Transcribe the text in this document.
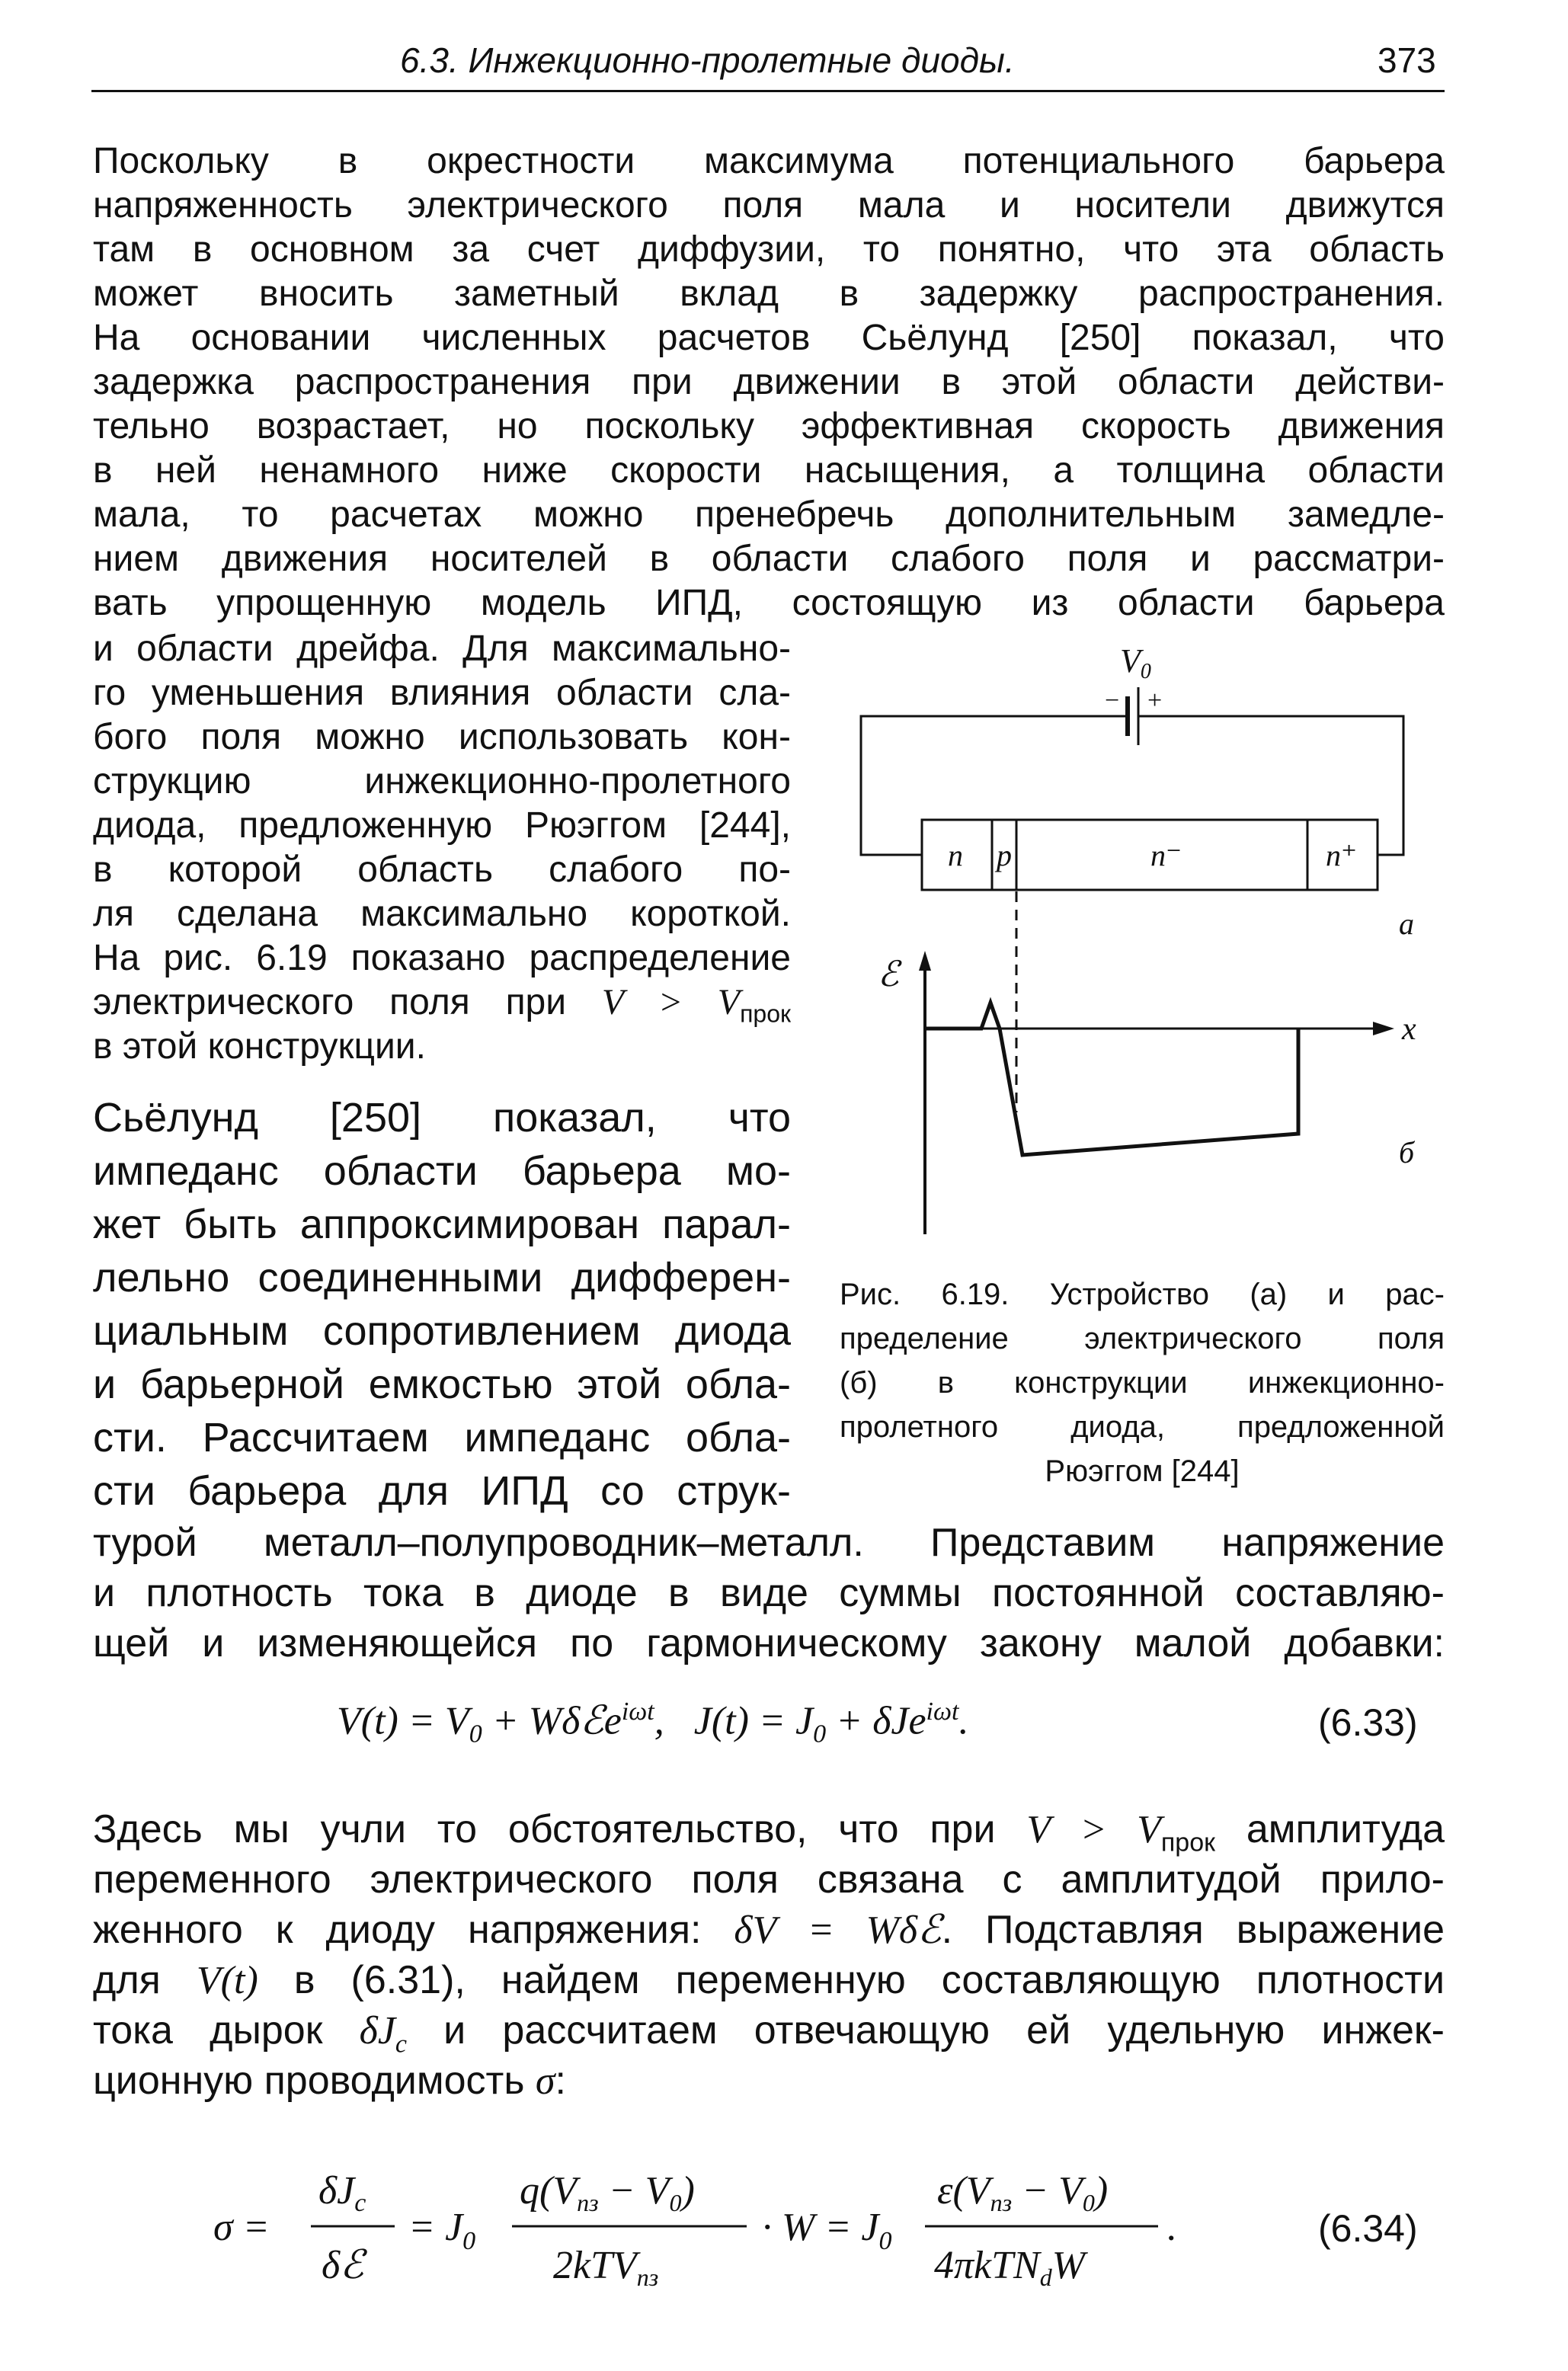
6.3. Инжекционно-пролетные диоды.	373
Поскольку в окрестности максимума потенциального барьера
напряженность электрического поля мала и носители движутся
там в основном за счет диффузии, то понятно, что эта область
может вносить заметный вклад в задержку распространения.
На основании численных расчетов Сьёлунд [250] показал, что
задержка распространения при движении в этой области действи-
тельно возрастает, но поскольку эффективная скорость движения
в ней ненамного ниже скорости насыщения, а толщина области
мала, то расчетах можно пренебречь дополнительным замедле-
нием движения носителей в области слабого поля и рассматри-
вать упрощенную модель ИПД, состоящую из области барьера
и области дрейфа. Для максимально-
го уменьшения влияния области сла-
бого поля можно использовать кон-
струкцию инжекционно-пролетного
диода, предложенную Рюэггом [244],
в которой область слабого по-
ля сделана максимально короткой.
На рис. 6.19 показано распределение
электрического поля при $V > V_{прок}$
в этой конструкции.
Сьёлунд [250] показал, что
импеданс области барьера мо-
жет быть аппроксимирован парал-
лельно соединенными дифферен-
циальным сопротивлением диода
и барьерной емкостью этой обла-
сти. Рассчитаем импеданс обла-
сти барьера для ИПД со струк-
турой металл–полупроводник–металл. Представим напряжение
и плотность тока в диоде в виде суммы постоянной составляю-
щей и изменяющейся по гармоническому закону малой добавки:
$V(t) = V_0$ + Wδℰe$^{i\omega t}$,   $J(t) = J_0 + \delta Je^{i\omega t}$.	(6.33)
Здесь мы учли то обстоятельство, что при $V > V_{прок}$ амплитуда
переменного электрического поля связана с амплитудой прило-
женного к диоду напряжения: δV = Wδℰ. Подставляя выражение
для V(t) в (6.31), найдем переменную составляющую плотности
тока дырок $\delta J_c$ и рассчитаем отвечающую ей удельную инжек-
ционную проводимость σ:
σ =
δJc
δℰ
= $J_0$
q(Vпз − V0)
2kTVпз
· $W = J_0$
ε(Vпз − V0)
4πkTNdW
.	(6.34)
V0
− +
n p	n⁻	n⁺
а
ℰ
x
б
Рис. 6.19. Устройство (а) и рас-
пределение электрического поля
(б) в конструкции инжекционно-
пролетного диода, предложенной
Рюэггом [244]
